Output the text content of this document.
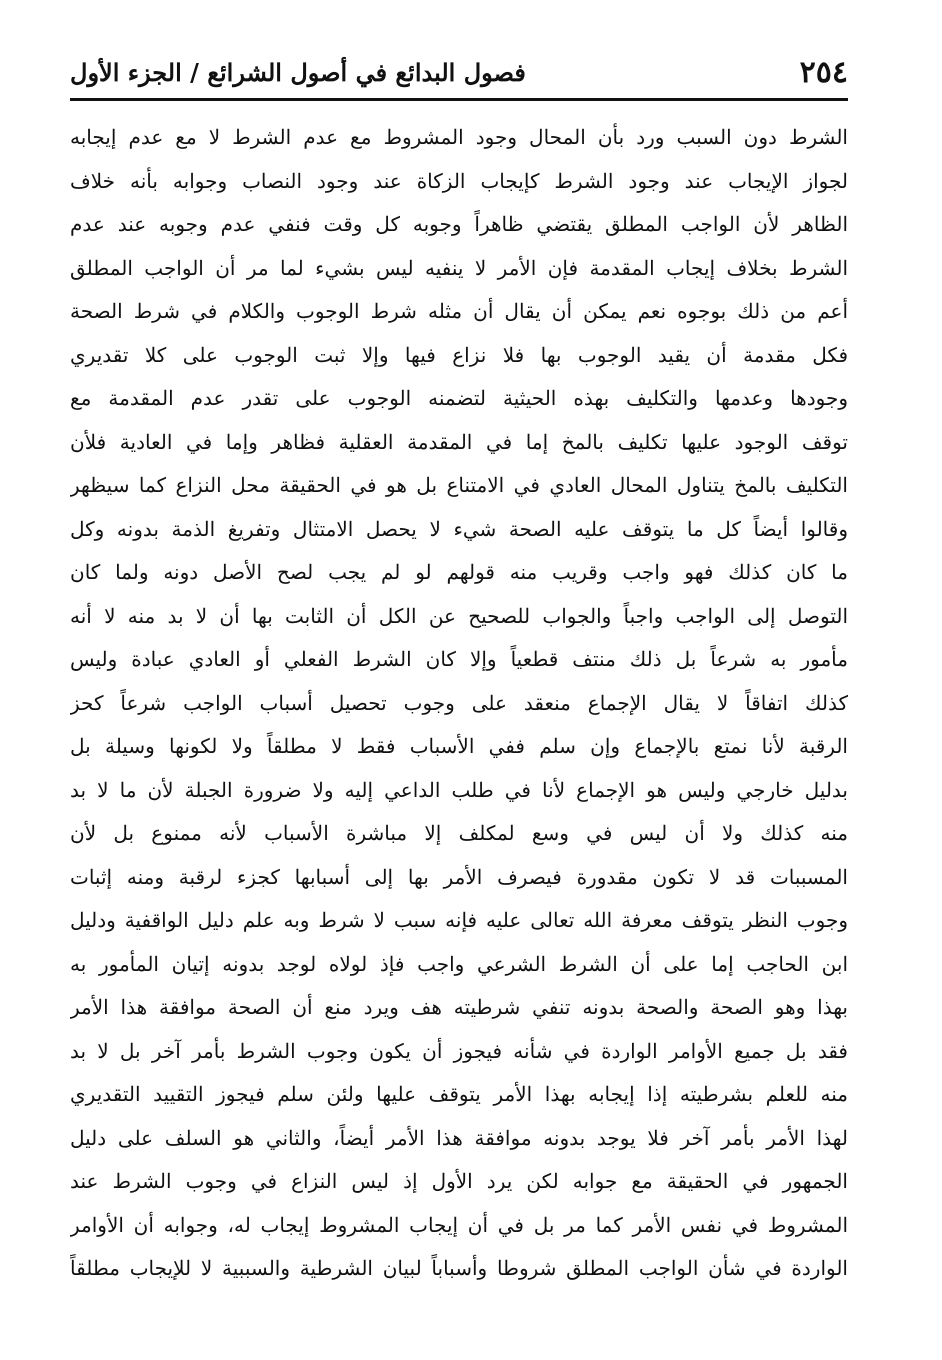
٢٥٤
فصول البدائع في أصول الشرائع / الجزء الأول
الشرط دون السبب ورد بأن المحال وجود المشروط مع عدم الشرط لا مع عدم إيجابه
لجواز الإيجاب عند وجود الشرط كإيجاب الزكاة عند وجود النصاب وجوابه بأنه خلاف
الظاهر لأن الواجب المطلق يقتضي ظاهراً وجوبه كل وقت فنفي عدم وجوبه عند عدم
الشرط بخلاف إيجاب المقدمة فإن الأمر لا ينفيه ليس بشيء لما مر أن الواجب المطلق
أعم من ذلك بوجوه نعم يمكن أن يقال أن مثله شرط الوجوب والكلام في شرط الصحة
فكل مقدمة أن يقيد الوجوب بها فلا نزاع فيها وإلا ثبت الوجوب على كلا تقديري
وجودها وعدمها والتكليف بهذه الحيثية لتضمنه الوجوب على تقدر عدم المقدمة مع
توقف الوجود عليها تكليف بالمخ إما في المقدمة العقلية فظاهر وإما في العادية فلأن
التكليف بالمخ يتناول المحال العادي في الامتناع بل هو في الحقيقة محل النزاع كما سيظهر
وقالوا أيضاً كل ما يتوقف عليه الصحة شيء لا يحصل الامتثال وتفريغ الذمة بدونه وكل
ما كان كذلك فهو واجب وقريب منه قولهم لو لم يجب لصح الأصل دونه ولما كان
التوصل إلى الواجب واجباً والجواب للصحيح عن الكل أن الثابت بها أن لا بد منه لا أنه
مأمور به شرعاً بل ذلك منتف قطعياً وإلا كان الشرط الفعلي أو العادي عبادة وليس
كذلك اتفاقاً لا يقال الإجماع منعقد على وجوب تحصيل أسباب الواجب شرعاً كحز
الرقبة لأنا نمتع بالإجماع وإن سلم ففي الأسباب فقط لا مطلقاً ولا لكونها وسيلة بل
بدليل خارجي وليس هو الإجماع لأنا في طلب الداعي إليه ولا ضرورة الجبلة لأن ما لا بد
منه كذلك ولا أن ليس في وسع لمكلف إلا مباشرة الأسباب لأنه ممنوع بل لأن
المسببات قد لا تكون مقدورة فيصرف الأمر بها إلى أسبابها كجزء لرقبة ومنه إثبات
وجوب النظر يتوقف معرفة الله تعالى عليه فإنه سبب لا شرط وبه علم دليل الواقفية ودليل
ابن الحاجب إما على أن الشرط الشرعي واجب فإذ لولاه لوجد بدونه إتيان المأمور به
بهذا وهو الصحة والصحة بدونه تنفي شرطيته هف ويرد منع أن الصحة موافقة هذا الأمر
فقد بل جميع الأوامر الواردة في شأنه فيجوز أن يكون وجوب الشرط بأمر آخر بل لا بد
منه للعلم بشرطيته إذا إيجابه بهذا الأمر يتوقف عليها ولئن سلم فيجوز التقييد التقديري
لهذا الأمر بأمر آخر فلا يوجد بدونه موافقة هذا الأمر أيضاً، والثاني هو السلف على دليل
الجمهور في الحقيقة مع جوابه لكن يرد الأول إذ ليس النزاع في وجوب الشرط عند
المشروط في نفس الأمر كما مر بل في أن إيجاب المشروط إيجاب له، وجوابه أن الأوامر
الواردة في شأن الواجب المطلق شروطا وأسباباً لبيان الشرطية والسببية لا للإيجاب مطلقاً
